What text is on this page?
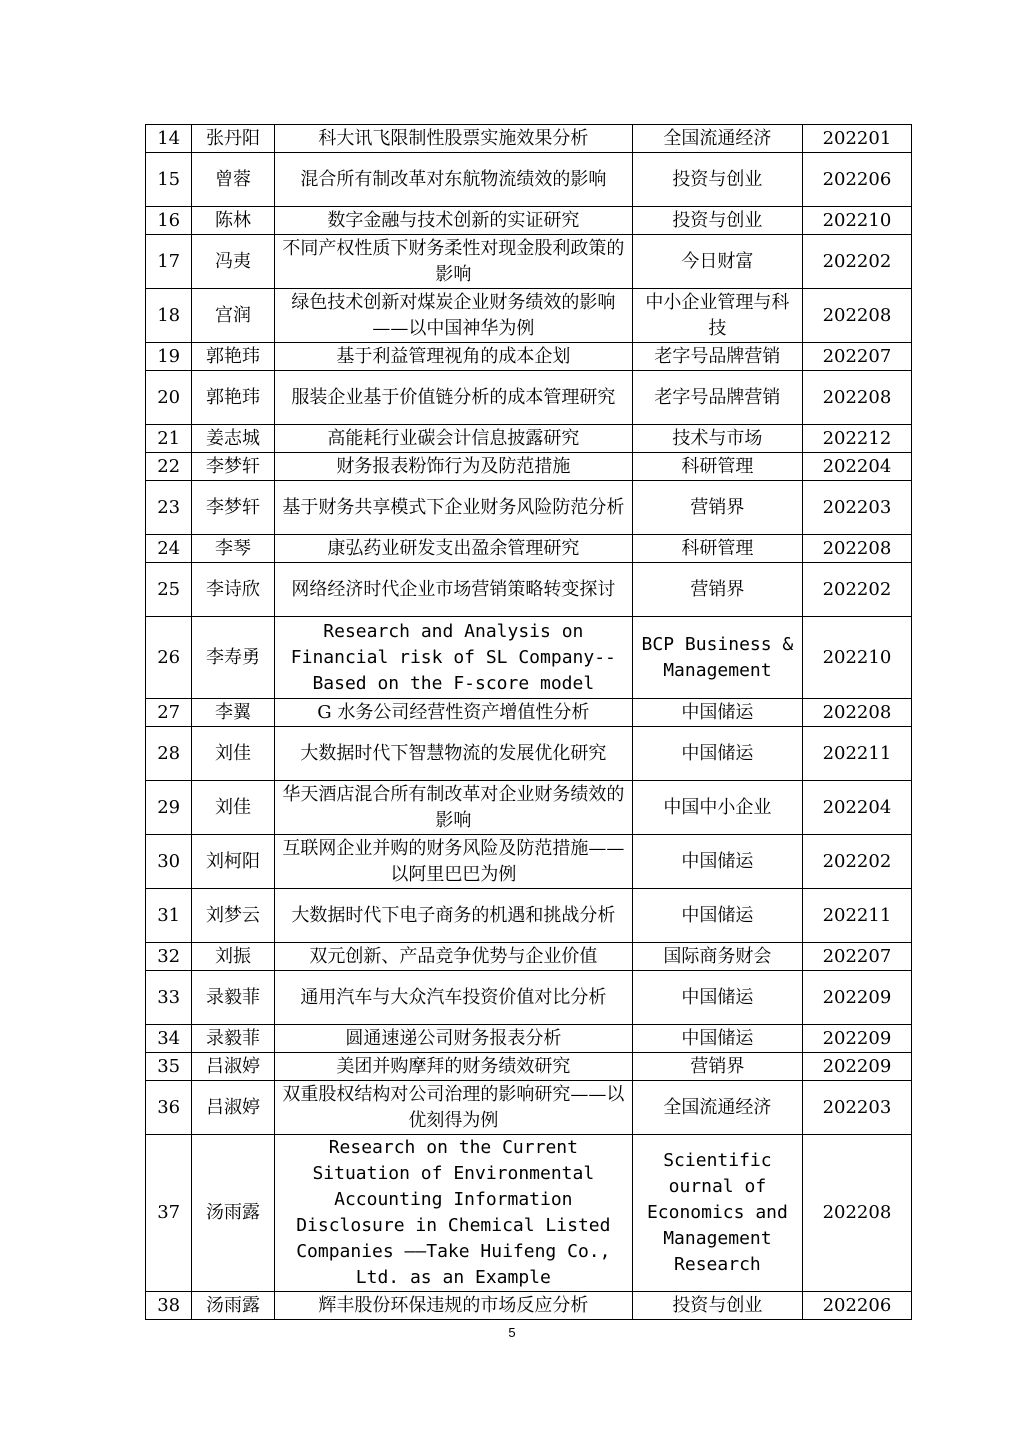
14	张丹阳	科大讯飞限制性股票实施效果分析	全国流通经济	202201
15	曾蓉	混合所有制改革对东航物流绩效的影响	投资与创业	202206
16	陈林	数字金融与技术创新的实证研究	投资与创业	202210
17	冯夷	不同产权性质下财务柔性对现金股利政策的影响	今日财富	202202
18	宫润	绿色技术创新对煤炭企业财务绩效的影响——以中国神华为例	中小企业管理与科技	202208
19	郭艳玮	基于利益管理视角的成本企划	老字号品牌营销	202207
20	郭艳玮	服装企业基于价值链分析的成本管理研究	老字号品牌营销	202208
21	姜志城	高能耗行业碳会计信息披露研究	技术与市场	202212
22	李梦轩	财务报表粉饰行为及防范措施	科研管理	202204
23	李梦轩	基于财务共享模式下企业财务风险防范分析	营销界	202203
24	李琴	康弘药业研发支出盈余管理研究	科研管理	202208
25	李诗欣	网络经济时代企业市场营销策略转变探讨	营销界	202202
26	李寿勇	Research and Analysis on Financial risk of SL Company--Based on the F-score model	BCP Business & Management	202210
27	李翼	G 水务公司经营性资产增值性分析	中国储运	202208
28	刘佳	大数据时代下智慧物流的发展优化研究	中国储运	202211
29	刘佳	华天酒店混合所有制改革对企业财务绩效的影响	中国中小企业	202204
30	刘柯阳	互联网企业并购的财务风险及防范措施——以阿里巴巴为例	中国储运	202202
31	刘梦云	大数据时代下电子商务的机遇和挑战分析	中国储运	202211
32	刘振	双元创新、产品竞争优势与企业价值	国际商务财会	202207
33	录毅菲	通用汽车与大众汽车投资价值对比分析	中国储运	202209
34	录毅菲	圆通速递公司财务报表分析	中国储运	202209
35	吕淑婷	美团并购摩拜的财务绩效研究	营销界	202209
36	吕淑婷	双重股权结构对公司治理的影响研究——以优刻得为例	全国流通经济	202203
37	汤雨露	Research on the Current Situation of Environmental Accounting Information Disclosure in Chemical Listed Companies ——Take Huifeng Co., Ltd. as an Example	Scientific ournal of Economics and Management Research	202208
38	汤雨露	辉丰股份环保违规的市场反应分析	投资与创业	202206
5
